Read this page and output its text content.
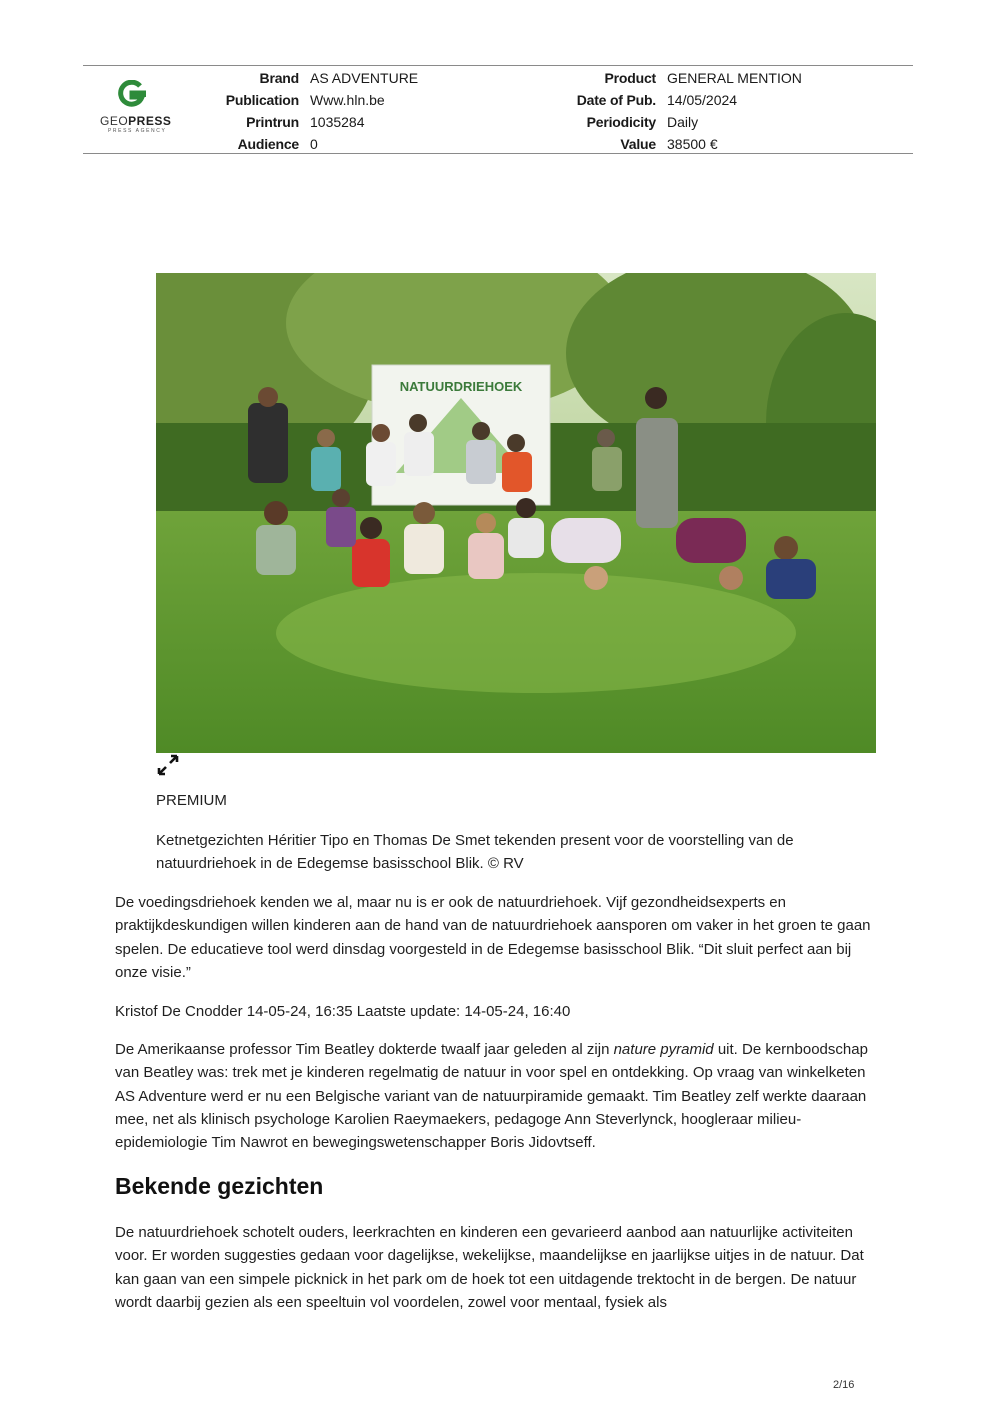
GEOPRESS
PRESS AGENCY
Brand AS ADVENTURE
Publication Www.hln.be
Printrun 1035284
Audience 0
Product GENERAL MENTION
Date of Pub. 14/05/2024
Periodicity Daily
Value 38500 €
NATUURDRIEHOEK
PREMIUM
Ketnetgezichten Héritier Tipo en Thomas De Smet tekenden present voor de voorstelling van de natuurdriehoek in de Edegemse basisschool Blik. © RV
De voedingsdriehoek kenden we al, maar nu is er ook de natuurdriehoek. Vijf gezondheidsexperts en praktijkdeskundigen willen kinderen aan de hand van de natuurdriehoek aansporen om vaker in het groen te gaan spelen. De educatieve tool werd dinsdag voorgesteld in de Edegemse basisschool Blik. “Dit sluit perfect aan bij onze visie.”
Kristof De Cnodder 14-05-24, 16:35 Laatste update: 14-05-24, 16:40
De Amerikaanse professor Tim Beatley dokterde twaalf jaar geleden al zijn nature pyramid uit. De kernboodschap van Beatley was: trek met je kinderen regelmatig de natuur in voor spel en ontdekking. Op vraag van winkelketen AS Adventure werd er nu een Belgische variant van de natuurpiramide gemaakt. Tim Beatley zelf werkte daaraan mee, net als klinisch psychologe Karolien Raeymaekers, pedagoge Ann Steverlynck, hoogleraar milieu-epidemiologie Tim Nawrot en bewegingswetenschapper Boris Jidovtseff.
Bekende gezichten
De natuurdriehoek schotelt ouders, leerkrachten en kinderen een gevarieerd aanbod aan natuurlijke activiteiten voor. Er worden suggesties gedaan voor dagelijkse, wekelijkse, maandelijkse en jaarlijkse uitjes in de natuur. Dat kan gaan van een simpele picknick in het park om de hoek tot een uitdagende trektocht in de bergen. De natuur wordt daarbij gezien als een speeltuin vol voordelen, zowel voor mentaal, fysiek als
2/16
